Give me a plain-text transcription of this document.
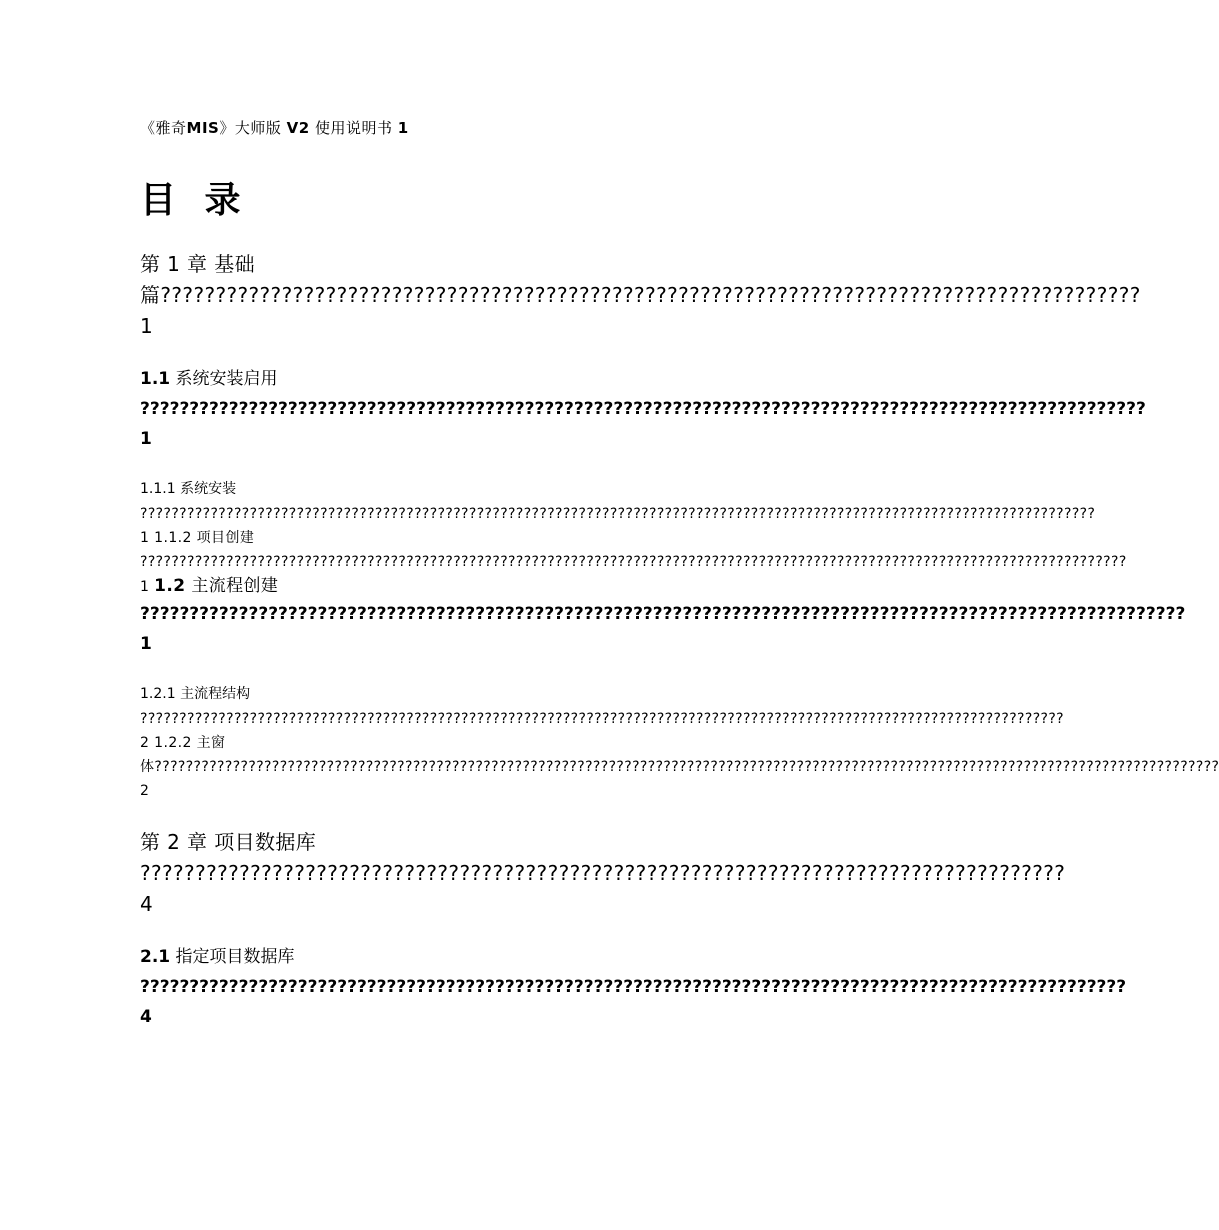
《雅奇MIS》大师版 V2 使用说明书 1

目 录

第 1 章 基础

篇????????????????????????????????????????????????????????????????????????????????????????? 1

1.1 系统安装启用

?????????????????????????????????????????????????????????????????????????????????????????????????????? 1

1.1.1 系统安装

?????????????????????????????????????????????????????????????????????????????????????????????????????????????????????????? 1 1.1.2 项目创建 ?????????????????????????????????????????????????????????????????????????????????????????????????????????????????????????????? 1 1.2 主流程创建

?????????????????????????????????????????????????????????????????????????????????????????????????????????? 1

1.2.1 主流程结构

?????????????????????????????????????????????????????????????????????????????????????????????????????????????????????? 2 1.2.2 主窗
体???????????????????????????????????????????????????????????????????????????????????????????????????????????????????????????????????????? 2

第 2 章 项目数据库

???????????????????????????????????????????????????????????????????????????????????? 4

2.1 指定项目数据库

???????????????????????????????????????????????????????????????????????????????????????????????????? 4
